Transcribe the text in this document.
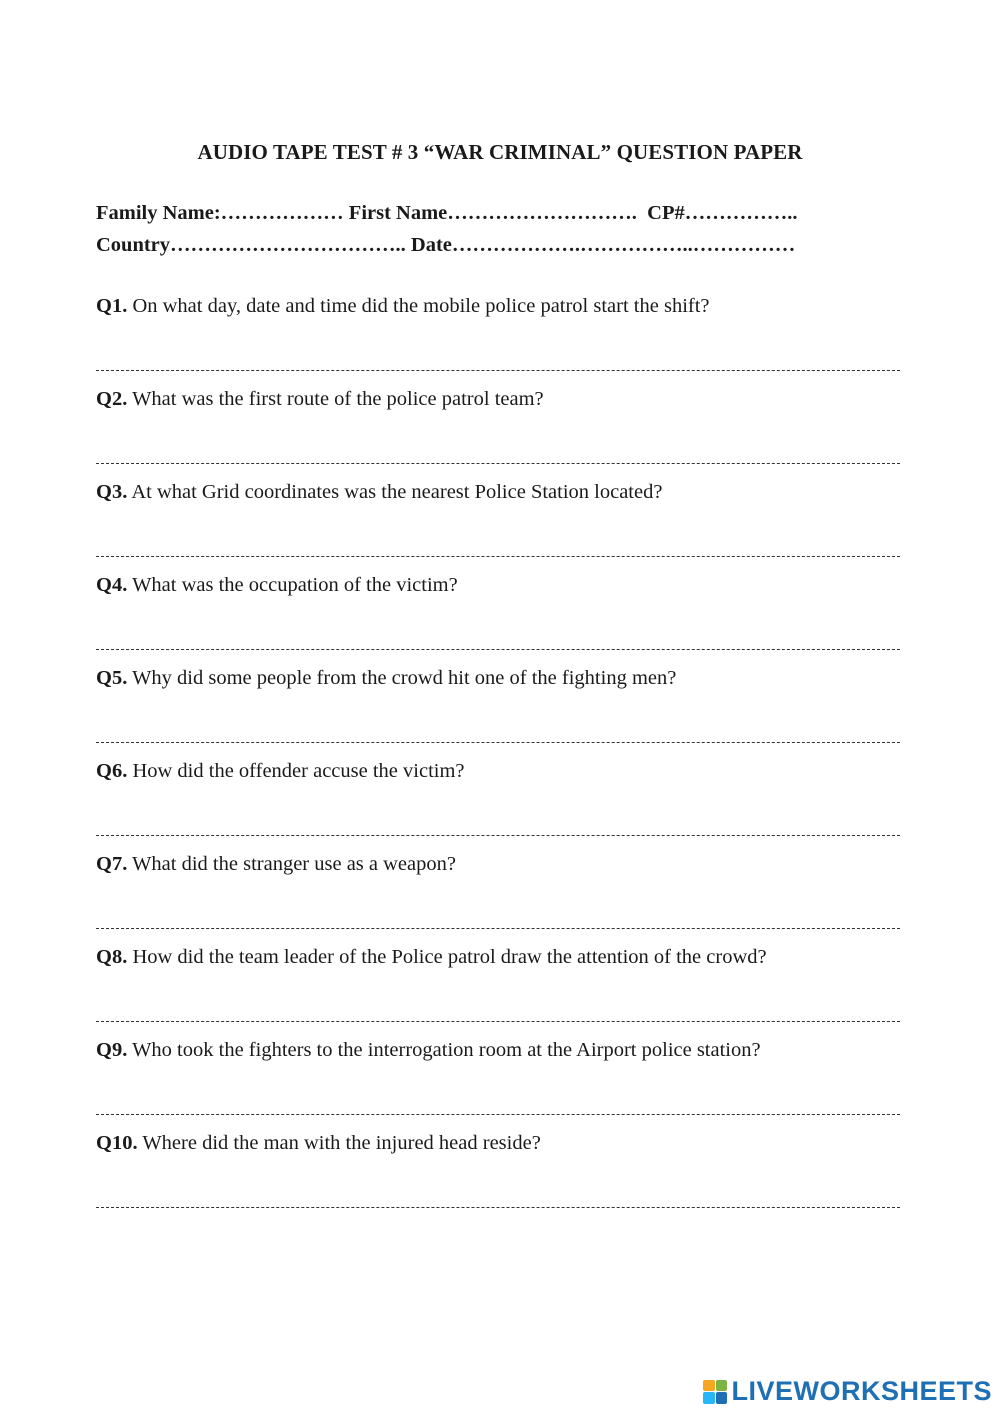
AUDIO TAPE TEST # 3 “WAR CRIMINAL” QUESTION PAPER
Family Name:……………… First Name……………………….  CP#……………..
Country…………………………….. Date……………….……………..……………
Q1. On what day, date and time did the mobile police patrol start the shift?
Q2. What was the first route of the police patrol team?
Q3. At what Grid coordinates was the nearest Police Station located?
Q4. What was the occupation of the victim?
Q5. Why did some people from the crowd hit one of the fighting men?
Q6. How did the offender accuse the victim?
Q7. What did the stranger use as a weapon?
Q8. How did the team leader of the Police patrol draw the attention of the crowd?
Q9. Who took the fighters to the interrogation room at the Airport police station?
Q10. Where did the man with the injured head reside?
LIVEWORKSHEETS
